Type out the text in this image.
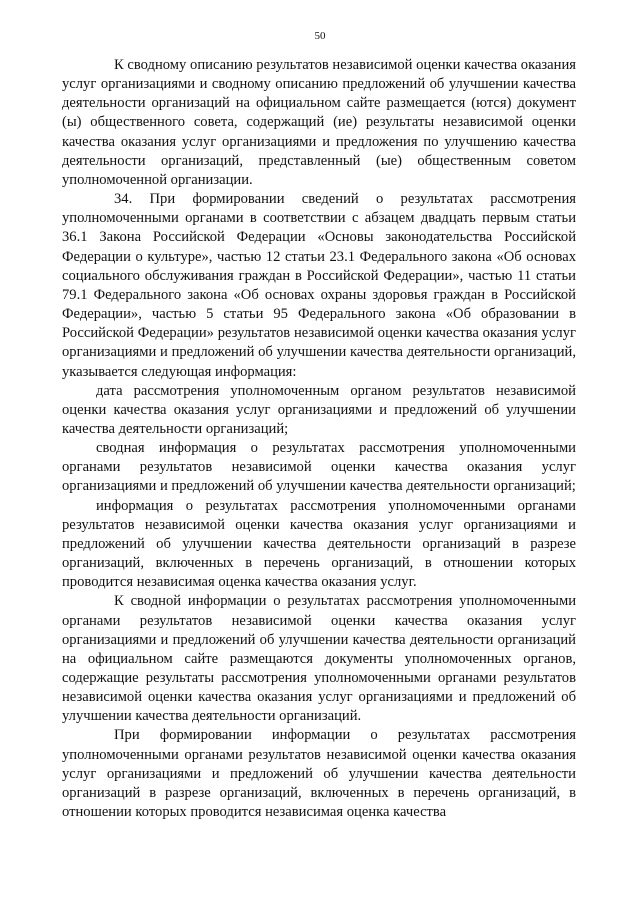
50

К сводному описанию результатов независимой оценки качества оказания услуг организациями и сводному описанию предложений об улучшении качества деятельности организаций на официальном сайте размещается (ются) документ (ы) общественного совета, содержащий (ие) результаты независимой оценки качества оказания услуг организациями и предложения по улучшению качества деятельности организаций, представленный (ые) общественным советом уполномоченной организации.

34. При формировании сведений о результатах рассмотрения уполномоченными органами в соответствии с абзацем двадцать первым статьи 36.1 Закона Российской Федерации «Основы законодательства Российской Федерации о культуре», частью 12 статьи 23.1 Федерального закона «Об основах социального обслуживания граждан в Российской Федерации», частью 11 статьи 79.1 Федерального закона «Об основах охраны здоровья граждан в Российской Федерации», частью 5 статьи 95 Федерального закона «Об образовании в Российской Федерации» результатов независимой оценки качества оказания услуг организациями и предложений об улучшении качества деятельности организаций, указывается следующая информация:

дата рассмотрения уполномоченным органом результатов независимой оценки качества оказания услуг организациями и предложений об улучшении качества деятельности организаций;

сводная информация о результатах рассмотрения уполномоченными органами результатов независимой оценки качества оказания услуг организациями и предложений об улучшении качества деятельности организаций;

информация о результатах рассмотрения уполномоченными органами результатов независимой оценки качества оказания услуг организациями и предложений об улучшении качества деятельности организаций в разрезе организаций, включенных в перечень организаций, в отношении которых проводится независимая оценка качества оказания услуг.

К сводной информации о результатах рассмотрения уполномоченными органами результатов независимой оценки качества оказания услуг организациями и предложений об улучшении качества деятельности организаций на официальном сайте размещаются документы уполномоченных органов, содержащие результаты рассмотрения уполномоченными органами результатов независимой оценки качества оказания услуг организациями и предложений об улучшении качества деятельности организаций.

При формировании информации о результатах рассмотрения уполномоченными органами результатов независимой оценки качества оказания услуг организациями и предложений об улучшении качества деятельности организаций в разрезе организаций, включенных в перечень организаций, в отношении которых проводится независимая оценка качества
